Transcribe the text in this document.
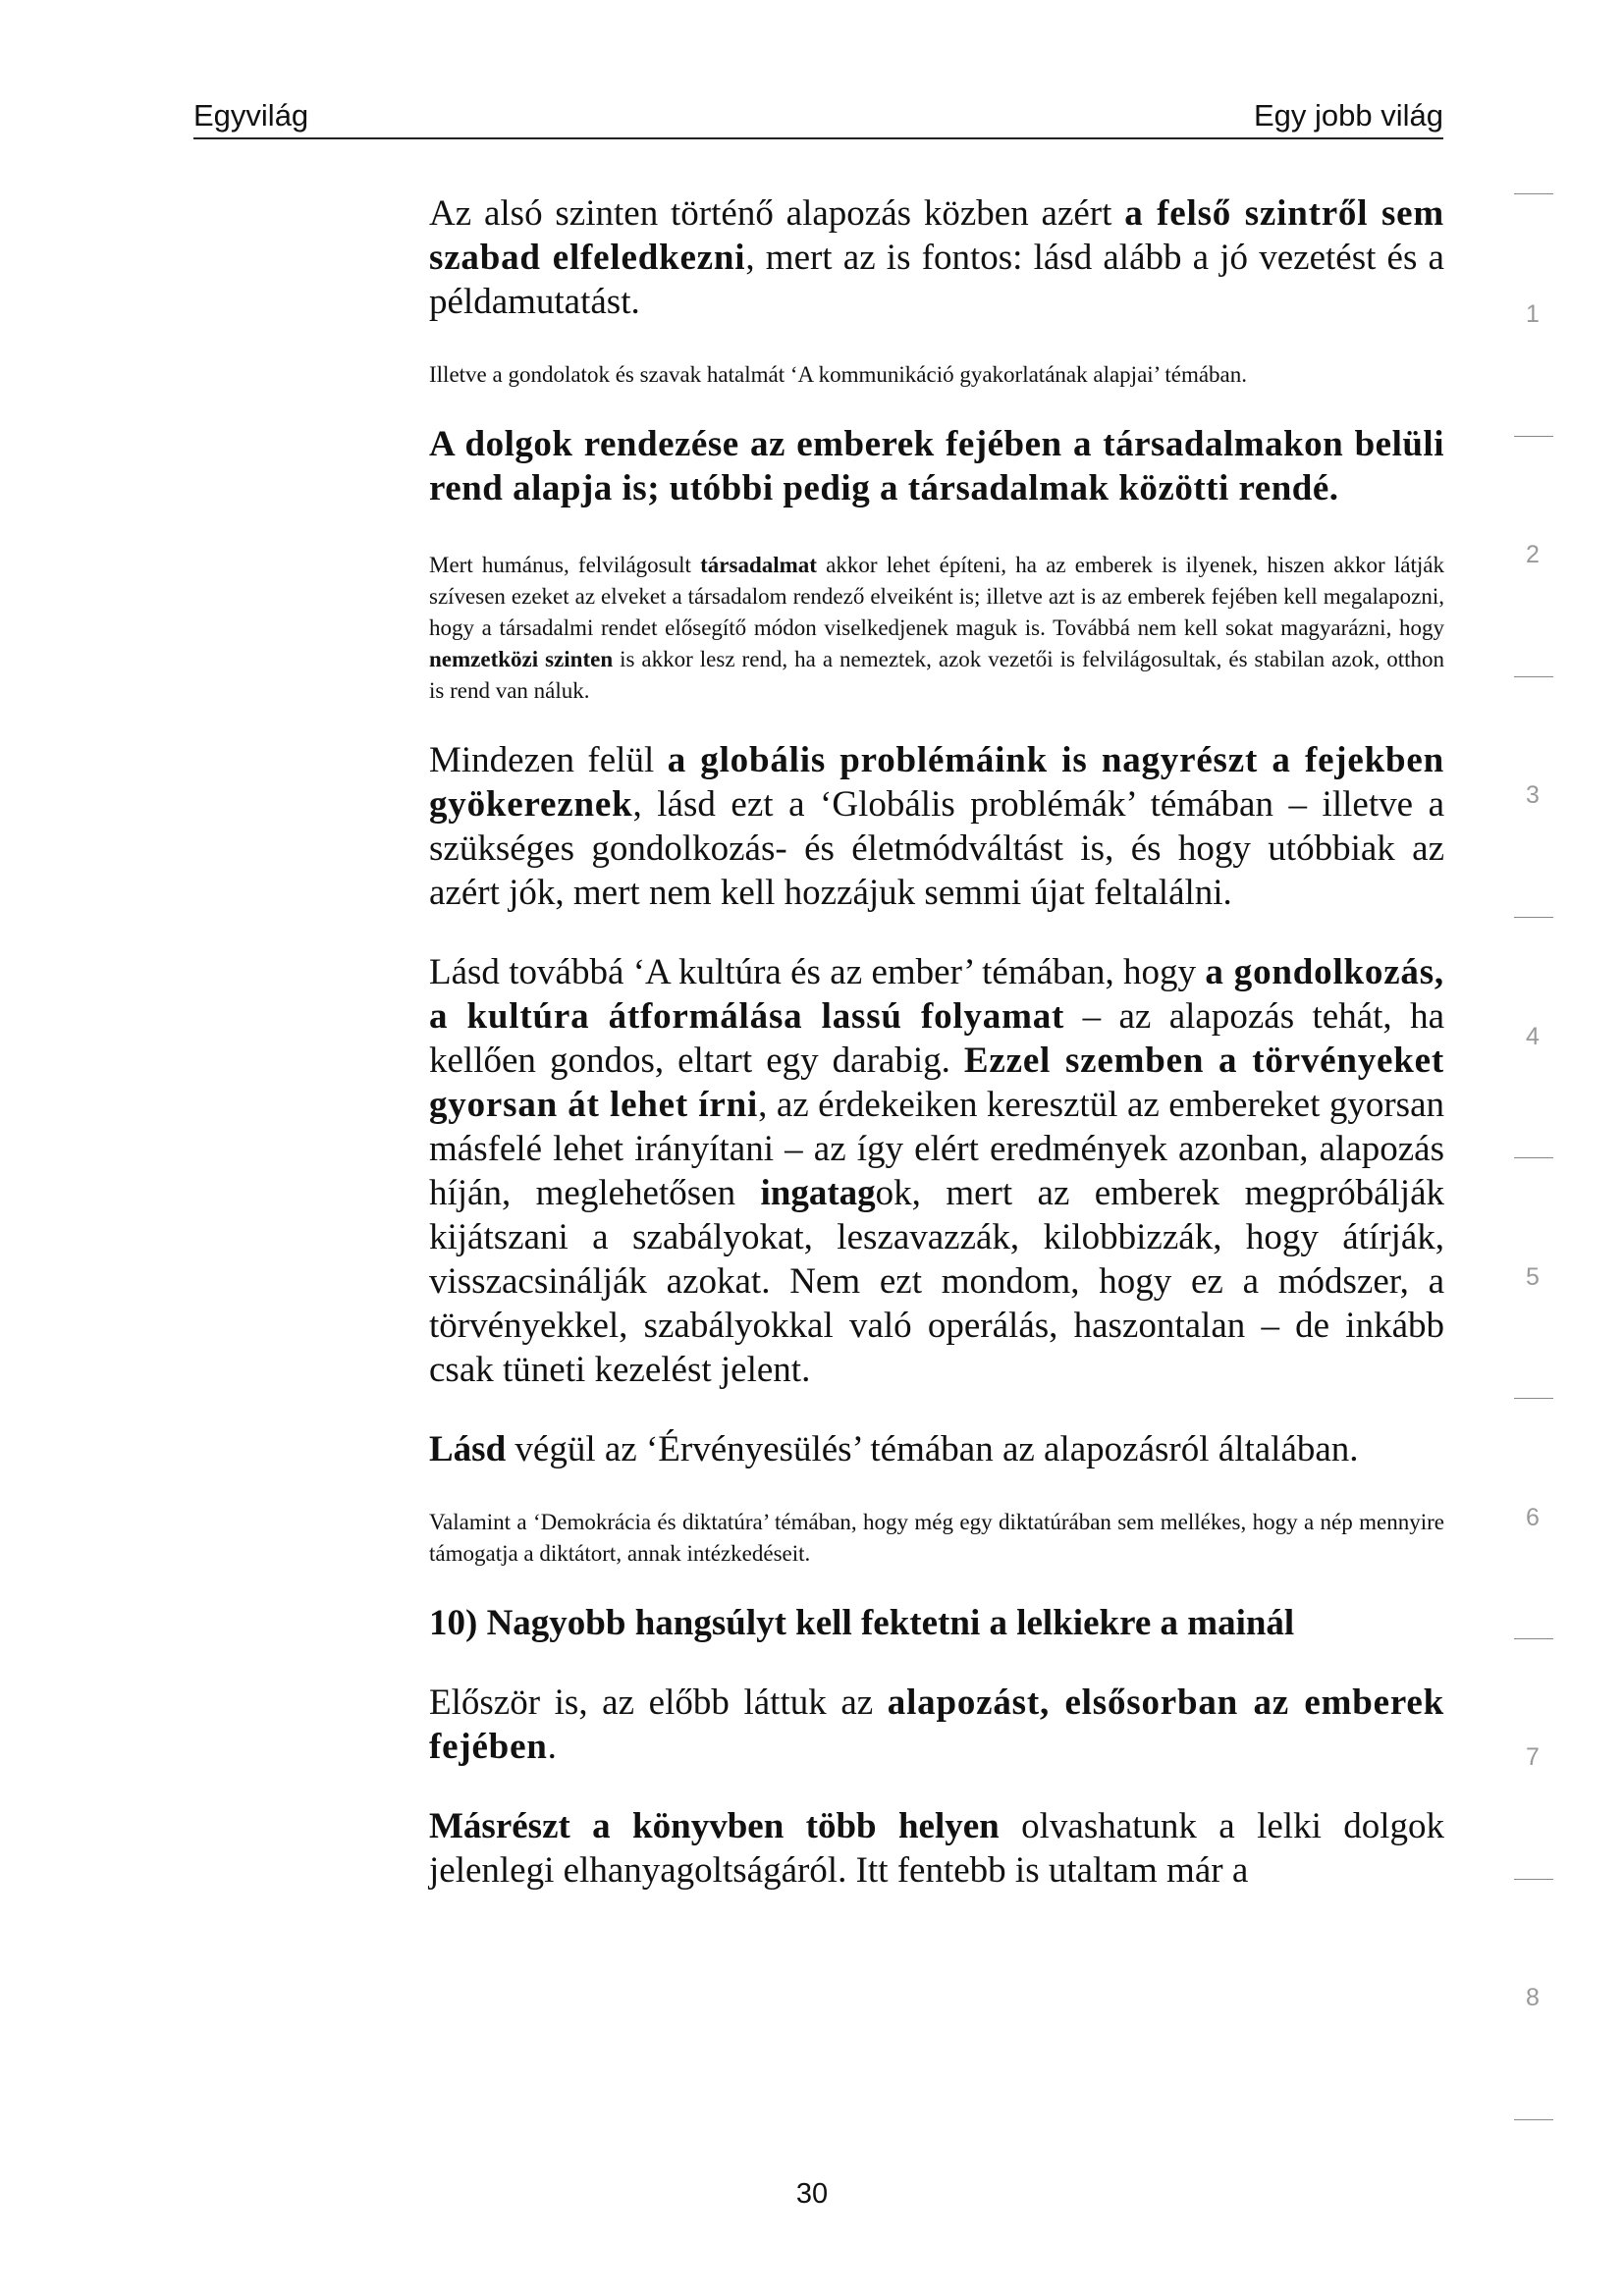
Egyvilág	Egy jobb világ

Az alsó szinten történő alapozás közben azért a felső szintről sem szabad elfeledkezni, mert az is fontos: lásd alább a jó vezetést és a példamutatást.

Illetve a gondolatok és szavak hatalmát ‘A kommunikáció gyakorlatának alapjai’ témában.

A dolgok rendezése az emberek fejében a társadalmakon belüli rend alapja is; utóbbi pedig a társadalmak közötti rendé.

Mert humánus, felvilágosult társadalmat akkor lehet építeni, ha az emberek is ilyenek, hiszen akkor látják szívesen ezeket az elveket a társadalom rendező elveiként is; illetve azt is az emberek fejében kell megalapozni, hogy a társadalmi rendet elősegítő módon viselkedjenek maguk is. Továbbá nem kell sokat magyarázni, hogy nemzetközi szinten is akkor lesz rend, ha a nemeztek, azok vezetői is felvilágosultak, és stabilan azok, otthon is rend van náluk.

Mindezen felül a globális problémáink is nagyrészt a fejekben gyökereznek, lásd ezt a ‘Globális problémák’ témában – illetve a szükséges gondolkozás- és életmódváltást is, és hogy utóbbiak az azért jók, mert nem kell hozzájuk semmi újat feltalálni.

Lásd továbbá ‘A kultúra és az ember’ témában, hogy a gondolkozás, a kultúra átformálása lassú folyamat – az alapozás tehát, ha kellően gondos, eltart egy darabig. Ezzel szemben a törvényeket gyorsan át lehet írni, az érdekeiken keresztül az embereket gyorsan másfelé lehet irányítani – az így elért eredmények azonban, alapozás híján, meglehetősen ingatagok, mert az emberek megpróbálják kijátszani a szabályokat, leszavazzák, kilobbizzák, hogy átírják, visszacsinálják azokat. Nem ezt mondom, hogy ez a módszer, a törvényekkel, szabályokkal való operálás, haszontalan – de inkább csak tüneti kezelést jelent.

Lásd végül az ‘Érvényesülés’ témában az alapozásról általában.

Valamint a ‘Demokrácia és diktatúra’ témában, hogy még egy diktatúrában sem mellékes, hogy a nép mennyire támogatja a diktátort, annak intézkedéseit.

10) Nagyobb hangsúlyt kell fektetni a lelkiekre a mainál

Először is, az előbb láttuk az alapozást, elsősorban az emberek fejében.

Másrészt a könyvben több helyen olvashatunk a lelki dolgok jelenlegi elhanyagoltságáról. Itt fentebb is utaltam már a

1
2
3
4
5
6
7
8
30
